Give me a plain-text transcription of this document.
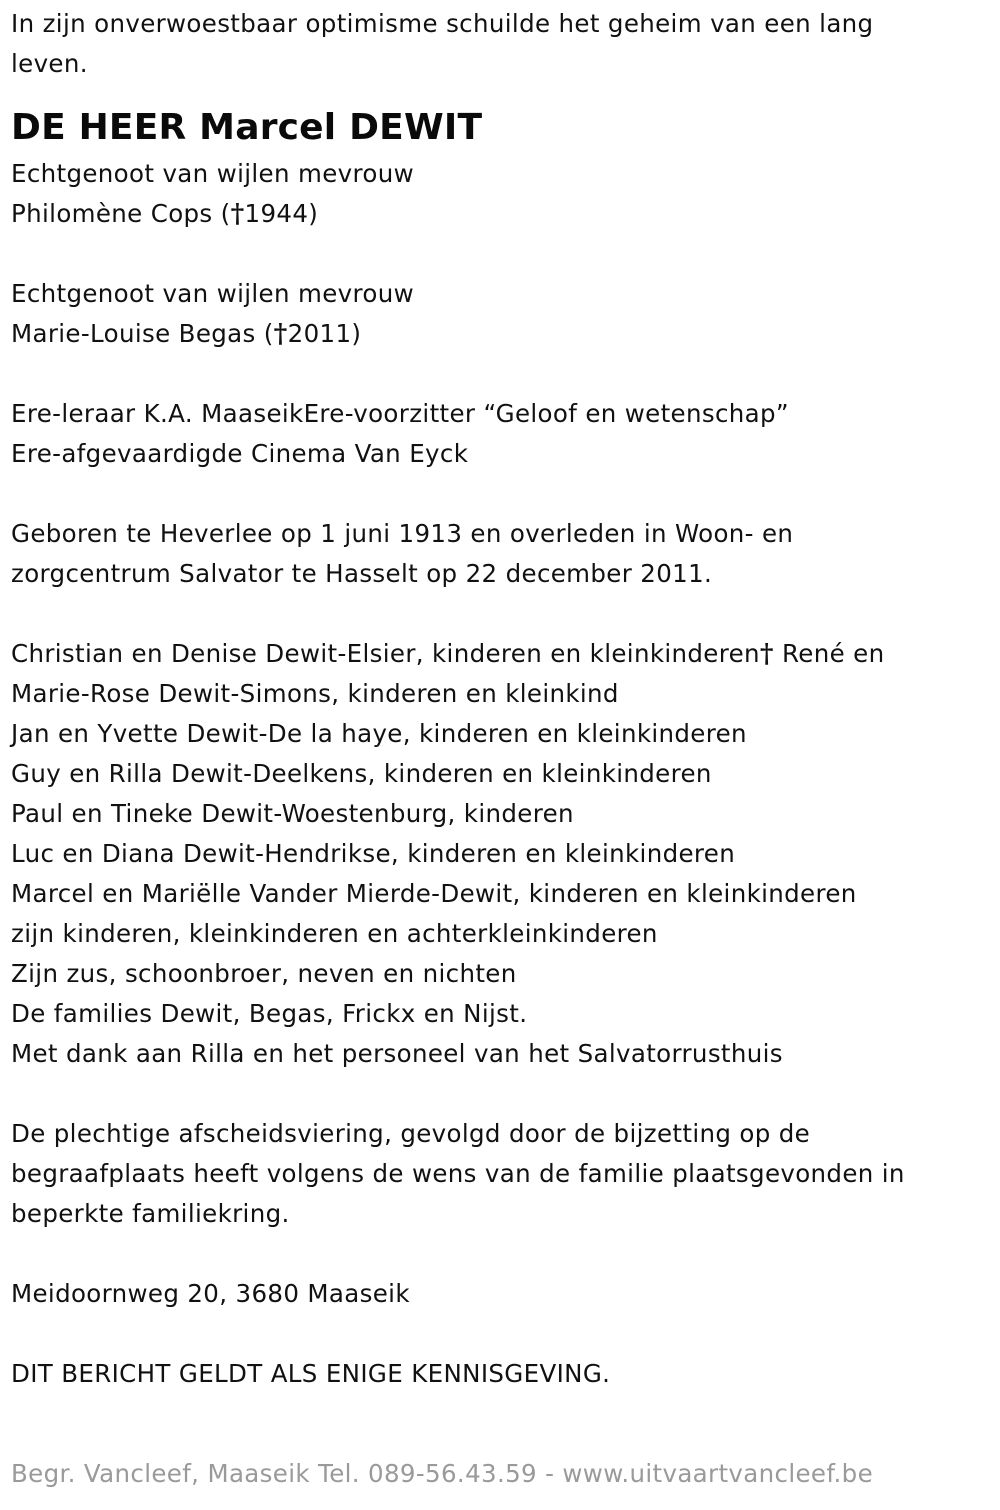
In zijn onverwoestbaar optimisme schuilde het geheim van een lang
leven.
DE HEER Marcel DEWIT
Echtgenoot van wijlen mevrouw
Philomène Cops (†1944)
Echtgenoot van wijlen mevrouw
Marie-Louise Begas (†2011)
Ere-leraar K.A. MaaseikEre-voorzitter “Geloof en wetenschap”
Ere-afgevaardigde Cinema Van Eyck
Geboren te Heverlee op 1 juni 1913 en overleden in Woon- en
zorgcentrum Salvator te Hasselt op 22 december 2011.
Christian en Denise Dewit-Elsier, kinderen en kleinkinderen† René en
Marie-Rose Dewit-Simons, kinderen en kleinkind
Jan en Yvette Dewit-De la haye, kinderen en kleinkinderen
Guy en Rilla Dewit-Deelkens, kinderen en kleinkinderen
Paul en Tineke Dewit-Woestenburg, kinderen
Luc en Diana Dewit-Hendrikse, kinderen en kleinkinderen
Marcel en Mariëlle Vander Mierde-Dewit, kinderen en kleinkinderen
zijn kinderen, kleinkinderen en achterkleinkinderen
Zijn zus, schoonbroer, neven en nichten
De families Dewit, Begas, Frickx en Nijst.
Met dank aan Rilla en het personeel van het Salvatorrusthuis
De plechtige afscheidsviering, gevolgd door de bijzetting op de
begraafplaats heeft volgens de wens van de familie plaatsgevonden in
beperkte familiekring.
Meidoornweg 20, 3680 Maaseik
DIT BERICHT GELDT ALS ENIGE KENNISGEVING.
Begr. Vancleef, Maaseik Tel. 089-56.43.59 - www.uitvaartvancleef.be
